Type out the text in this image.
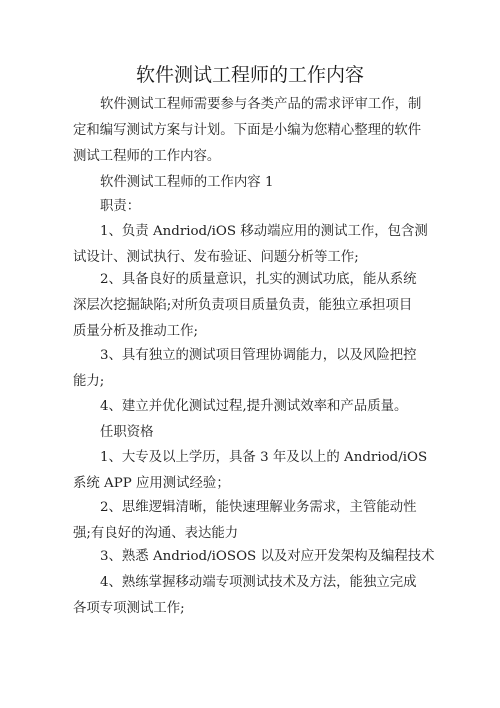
软件测试工程师的工作内容

软件测试工程师需要参与各类产品的需求评审工作，制
定和编写测试方案与计划。下面是小编为您精心整理的软件
测试工程师的工作内容。

软件测试工程师的工作内容 1

职责：

1、负责 Andriod/iOS 移动端应用的测试工作，包含测
试设计、测试执行、发布验证、问题分析等工作;

2、具备良好的质量意识，扎实的测试功底，能从系统
深层次挖掘缺陷;对所负责项目质量负责，能独立承担项目
质量分析及推动工作;

3、具有独立的测试项目管理协调能力，以及风险把控
能力;

4、建立并优化测试过程,提升测试效率和产品质量。

任职资格

1、大专及以上学历，具备 3 年及以上的 Andriod/iOS
系统 APP 应用测试经验；

2、思维逻辑清晰，能快速理解业务需求，主管能动性
强;有良好的沟通、表达能力

3、熟悉 Andriod/iOSOS 以及对应开发架构及编程技术

4、熟练掌握移动端专项测试技术及方法，能独立完成
各项专项测试工作;
